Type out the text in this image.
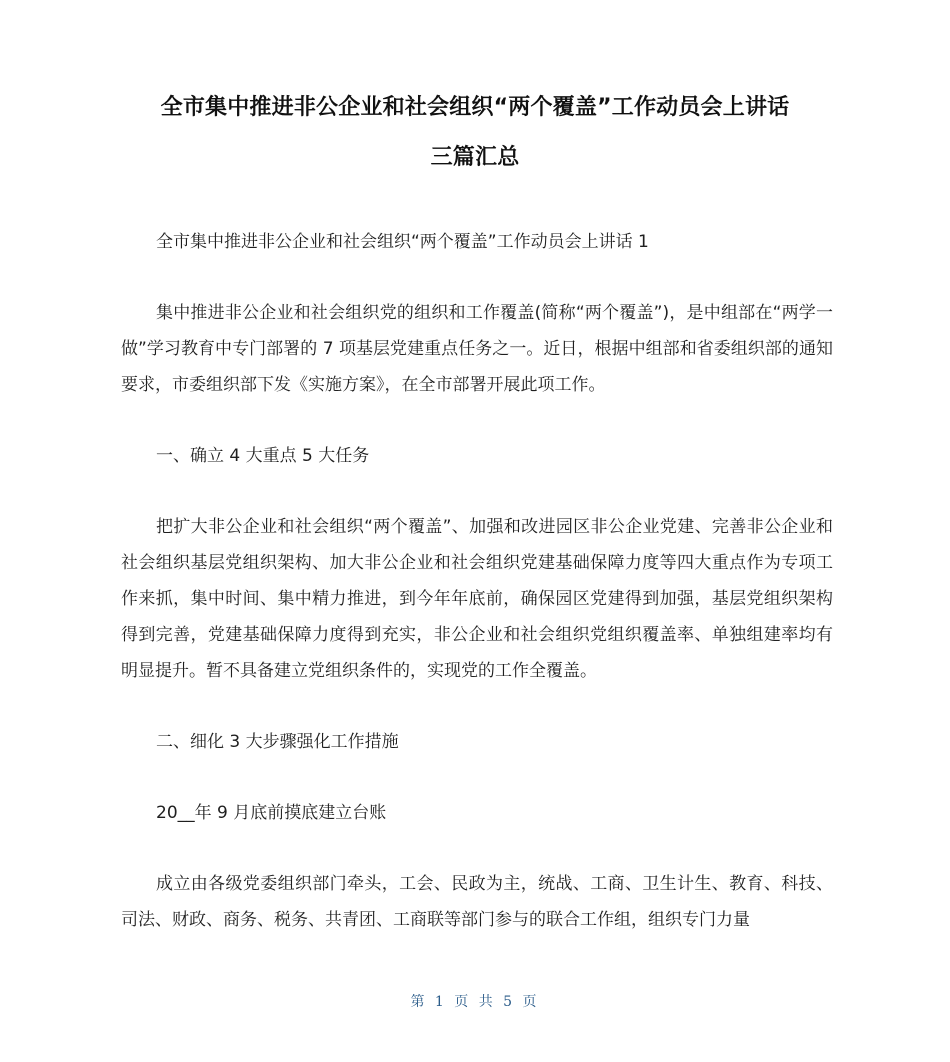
全市集中推进非公企业和社会组织“两个覆盖”工作动员会上讲话
三篇汇总

全市集中推进非公企业和社会组织“两个覆盖”工作动员会上讲话 1

集中推进非公企业和社会组织党的组织和工作覆盖(简称“两个覆盖”)，是中组部在“两学一做”学习教育中专门部署的 7 项基层党建重点任务之一。近日，根据中组部和省委组织部的通知要求，市委组织部下发《实施方案》，在全市部署开展此项工作。

一、确立 4 大重点 5 大任务

把扩大非公企业和社会组织“两个覆盖”、加强和改进园区非公企业党建、完善非公企业和社会组织基层党组织架构、加大非公企业和社会组织党建基础保障力度等四大重点作为专项工作来抓，集中时间、集中精力推进，到今年年底前，确保园区党建得到加强，基层党组织架构得到完善，党建基础保障力度得到充实，非公企业和社会组织党组织覆盖率、单独组建率均有明显提升。暂不具备建立党组织条件的，实现党的工作全覆盖。

二、细化 3 大步骤强化工作措施

20__年 9 月底前摸底建立台账

成立由各级党委组织部门牵头，工会、民政为主，统战、工商、卫生计生、教育、科技、司法、财政、商务、税务、共青团、工商联等部门参与的联合工作组，组织专门力量

第 1 页 共 5 页
